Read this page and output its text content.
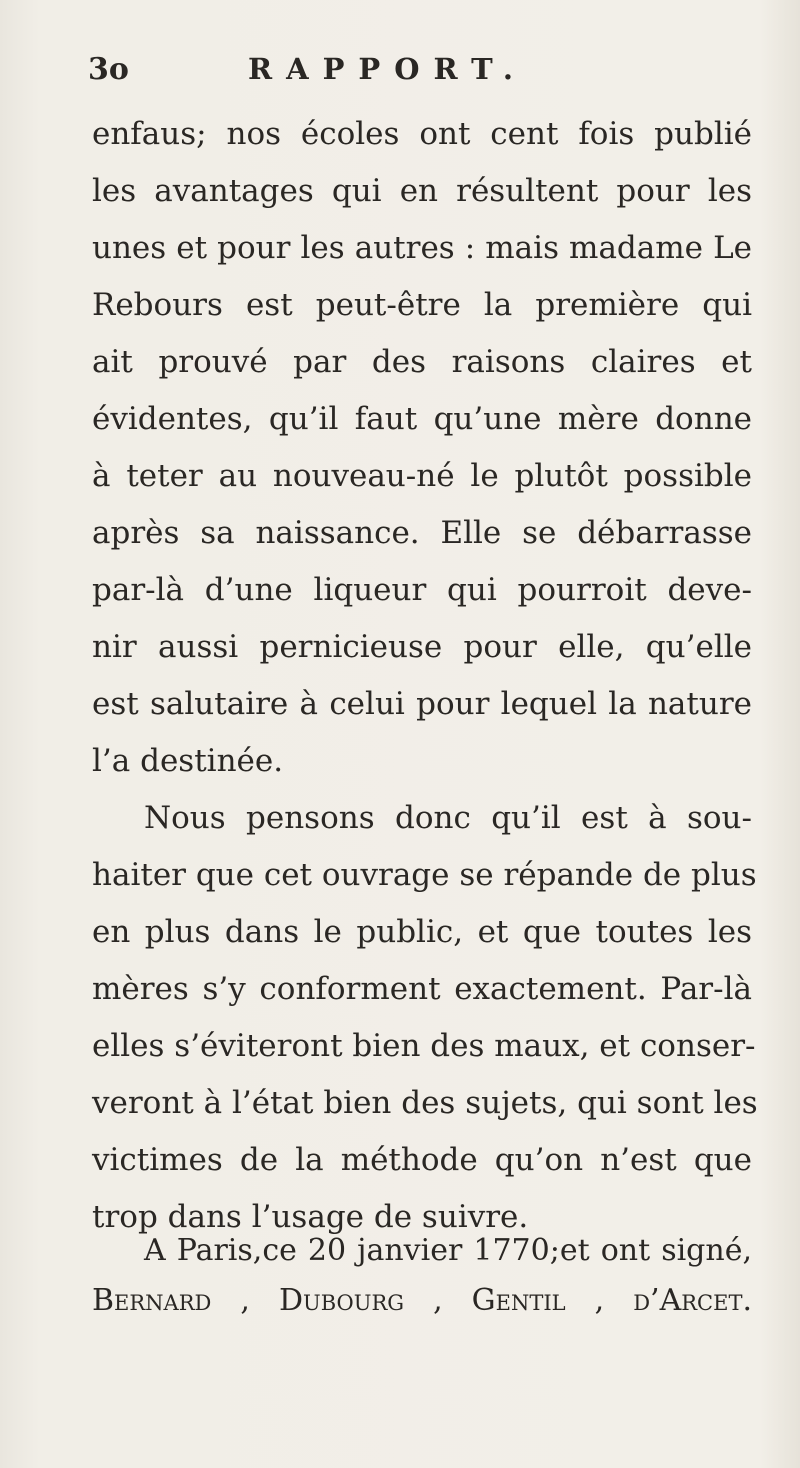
3o	RAPPORT.
enfaus; nos écoles ont cent fois publié
les avantages qui en résultent pour les
unes et pour les autres : mais madame Le
Rebours est peut-être la première qui
ait prouvé par des raisons claires et
évidentes, qu’il faut qu’une mère donne
à teter au nouveau-né le plutôt possible
après sa naissance. Elle se débarrasse
par-là d’une liqueur qui pourroit deve-
nir aussi pernicieuse pour elle, qu’elle
est salutaire à celui pour lequel la nature
l’a destinée.
Nous pensons donc qu’il est à sou-
haiter que cet ouvrage se répande de plus
en plus dans le public, et que toutes les
mères s’y conforment exactement. Par-là
elles s’éviteront bien des maux, et conser-
veront à l’état bien des sujets, qui sont les
victimes de la méthode qu’on n’est que
trop dans l’usage de suivre.
A Paris,ce 20 janvier 1770;et ont signé,
Bernard , Dubourg , Gentil , d’Arcet.
